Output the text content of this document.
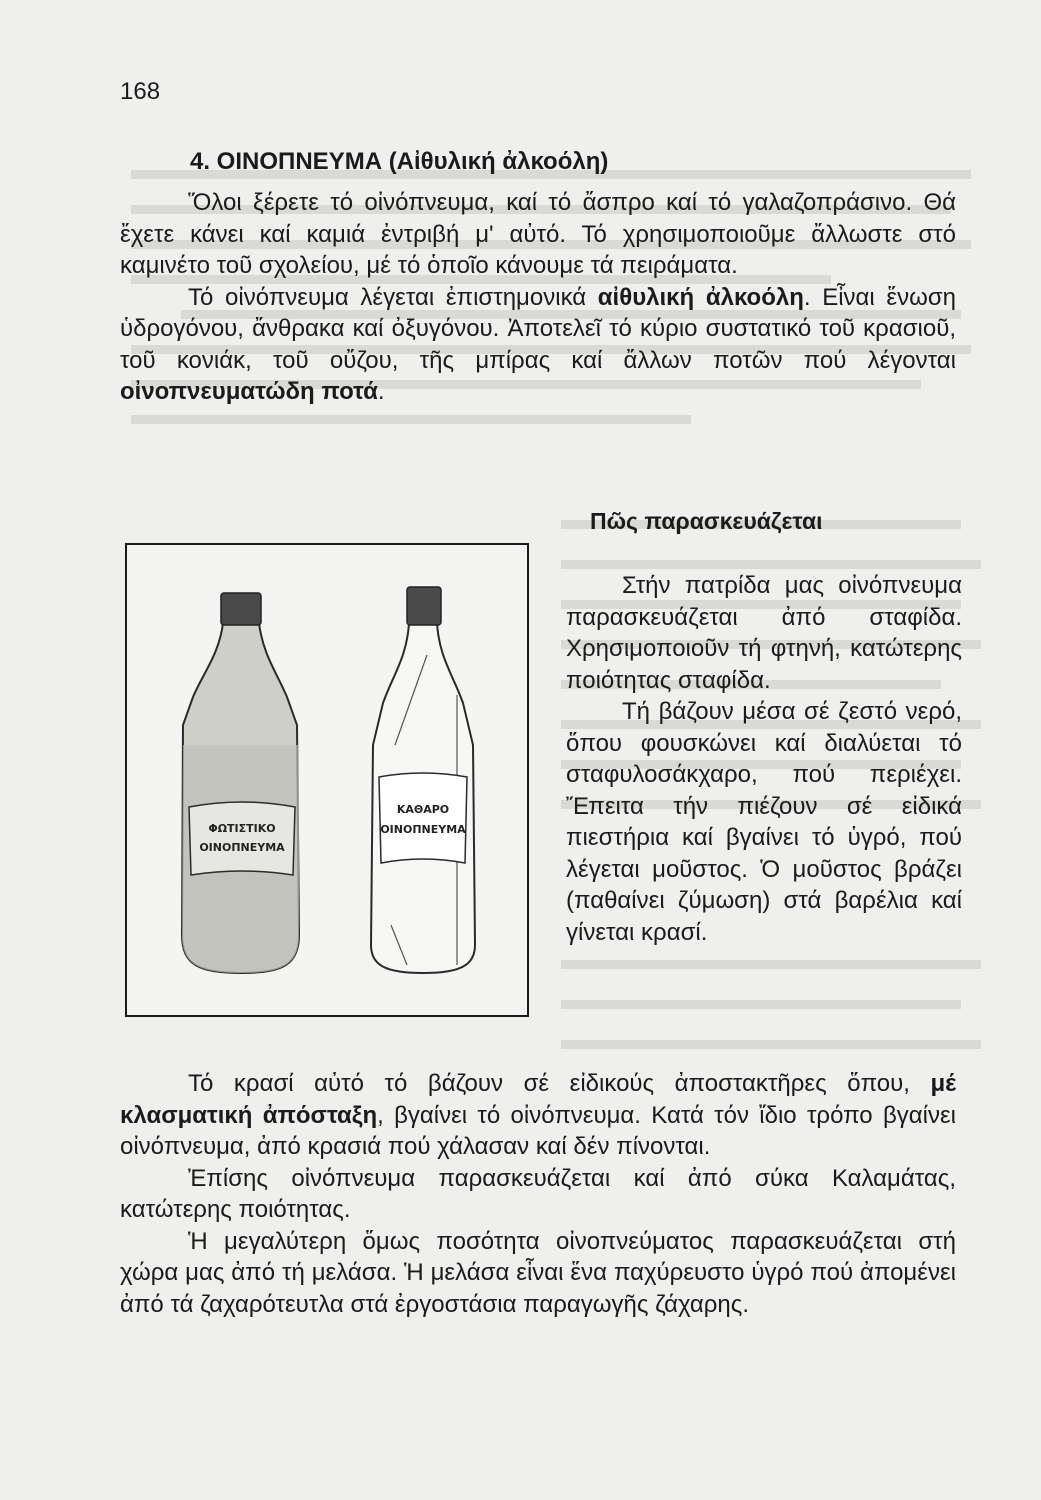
168
4. ΟΙΝΟΠΝΕΥΜΑ (Αἰθυλική ἀλκοόλη)

Ὅλοι ξέρετε τό οἰνόπνευμα, καί τό ἄσπρο καί τό γαλαζοπράσινο. Θά ἔχετε κάνει καί καμιά ἐντριβή μ' αὐτό. Τό χρησιμοποιοῦμε ἄλλωστε στό καμινέτο τοῦ σχολείου, μέ τό ὁποῖο κάνουμε τά πειράματα.

Τό οἰνόπνευμα λέγεται ἐπιστημονικά αἰθυλική ἀλκοόλη. Εἶναι ἕνωση ὑδρογόνου, ἄνθρακα καί ὀξυγόνου. Ἀποτελεῖ τό κύριο συστατικό τοῦ κρασιοῦ, τοῦ κονιάκ, τοῦ οὔζου, τῆς μπίρας καί ἄλλων ποτῶν πού λέγονται οἰνοπνευματώδη ποτά.

Πῶς παρασκευάζεται
ΦΩΤΙΣΤΙΚΟ
ΟΙΝΟΠΝΕΥΜΑ
ΚΑΘΑΡΟ
ΟΙΝΟΠΝΕΥΜΑ

Στήν πατρίδα μας οἰνόπνευμα παρασκευάζεται ἀπό σταφίδα. Χρησιμοποιοῦν τή φτηνή, κατώτερης ποιότητας σταφίδα.

Τή βάζουν μέσα σέ ζεστό νερό, ὅπου φουσκώνει καί διαλύεται τό σταφυλοσάκχαρο, πού περιέχει. Ἔπειτα τήν πιέζουν σέ εἰδικά πιεστήρια καί βγαίνει τό ὑγρό, πού λέγεται μοῦστος. Ὁ μοῦστος βράζει (παθαίνει ζύμωση) στά βαρέλια καί γίνεται κρασί.

Τό κρασί αὐτό τό βάζουν σέ εἰδικούς ἀποστακτῆρες ὅπου, μέ κλασματική ἀπόσταξη, βγαίνει τό οἰνόπνευμα. Κατά τόν ἴδιο τρόπο βγαίνει οἰνόπνευμα, ἀπό κρασιά πού χάλασαν καί δέν πίνονται.

Ἐπίσης οἰνόπνευμα παρασκευάζεται καί ἀπό σύκα Καλαμάτας, κατώτερης ποιότητας.

Ἡ μεγαλύτερη ὅμως ποσότητα οἰνοπνεύματος παρασκευάζεται στή χώρα μας ἀπό τή μελάσα. Ἡ μελάσα εἶναι ἕνα παχύρευστο ὑγρό πού ἀπομένει ἀπό τά ζαχαρότευτλα στά ἐργοστάσια παραγωγῆς ζάχαρης.
